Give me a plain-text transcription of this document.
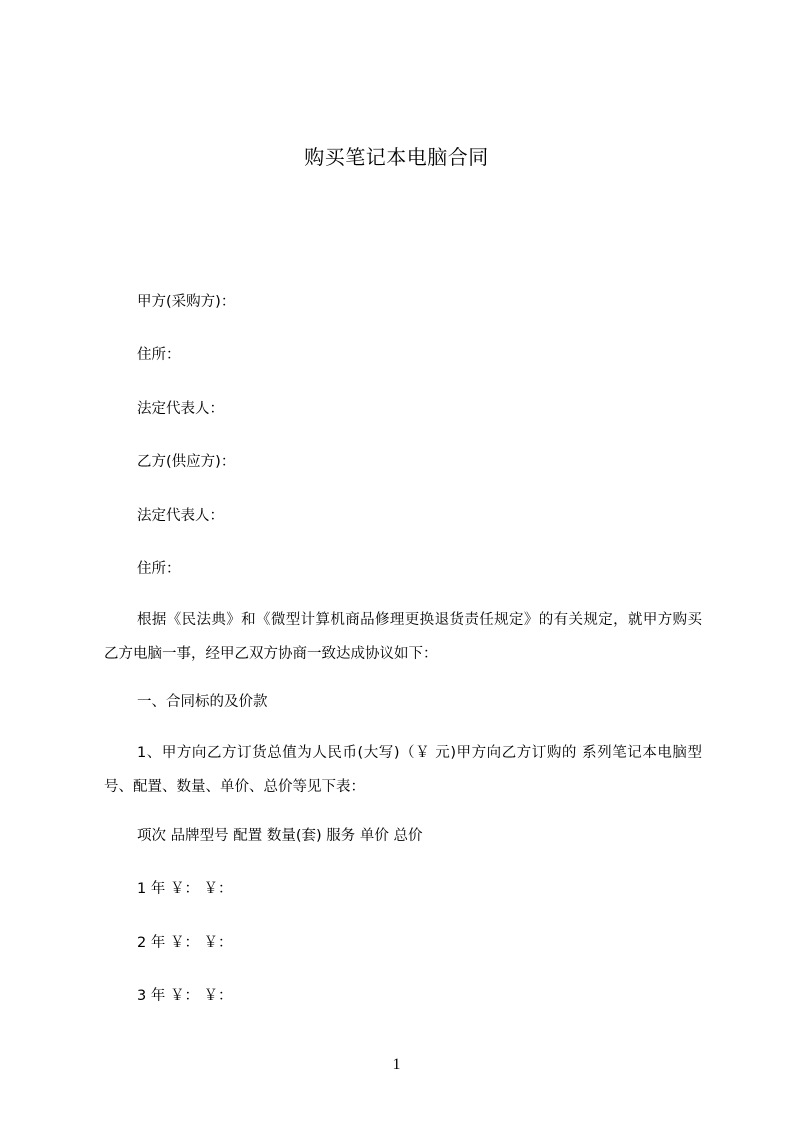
购买笔记本电脑合同
甲方(采购方)：
住所：
法定代表人：
乙方(供应方)：
法定代表人：
住所：
根据《民法典》和《微型计算机商品修理更换退货责任规定》的有关规定，就甲方购买乙方电脑一事，经甲乙双方协商一致达成协议如下：
一、合同标的及价款
1、甲方向乙方订货总值为人民币(大写)（￥ 元)甲方向乙方订购的 系列笔记本电脑型号、配置、数量、单价、总价等见下表：
项次 品牌型号 配置 数量(套) 服务 单价 总价
1 年 ￥： ￥：
2 年 ￥： ￥：
3 年 ￥： ￥：
1
